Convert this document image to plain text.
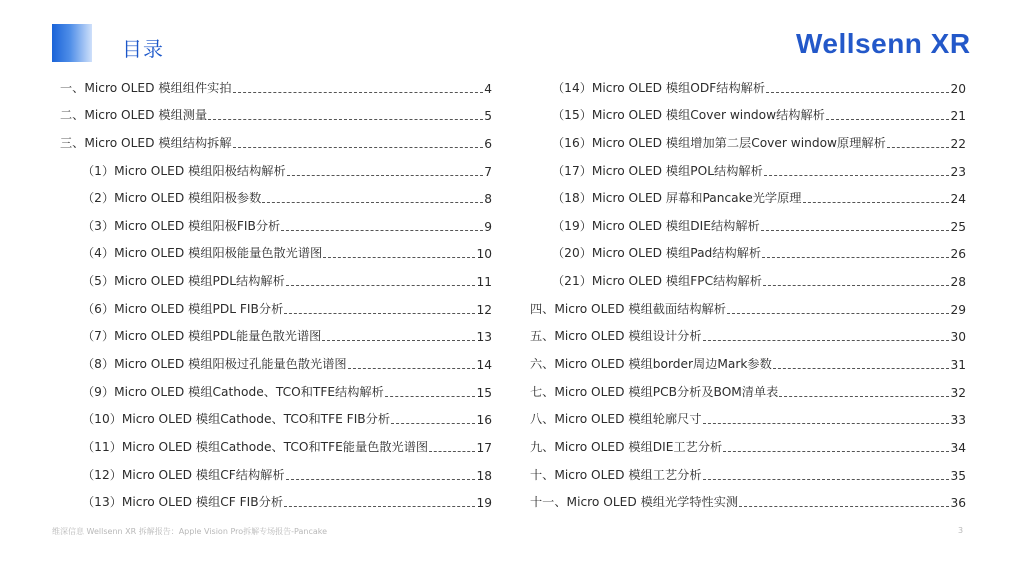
目录	Wellsenn XR
一、Micro OLED 模组组件实拍	4
二、Micro OLED 模组测量	5
三、Micro OLED 模组结构拆解	6
（1）Micro OLED 模组阳极结构解析	7
（2）Micro OLED 模组阳极参数	8
（3）Micro OLED 模组阳极FIB分析	9
（4）Micro OLED 模组阳极能量色散光谱图	10
（5）Micro OLED 模组PDL结构解析	11
（6）Micro OLED 模组PDL FIB分析	12
（7）Micro OLED 模组PDL能量色散光谱图	13
（8）Micro OLED 模组阳极过孔能量色散光谱图	14
（9）Micro OLED 模组Cathode、TCO和TFE结构解析	15
（10）Micro OLED 模组Cathode、TCO和TFE FIB分析	16
（11）Micro OLED 模组Cathode、TCO和TFE能量色散光谱图	17
（12）Micro OLED 模组CF结构解析	18
（13）Micro OLED 模组CF FIB分析	19
（14）Micro OLED 模组ODF结构解析	20
（15）Micro OLED 模组Cover window结构解析	21
（16）Micro OLED 模组增加第二层Cover window原理解析	22
（17）Micro OLED 模组POL结构解析	23
（18）Micro OLED 屏幕和Pancake光学原理	24
（19）Micro OLED 模组DIE结构解析	25
（20）Micro OLED 模组Pad结构解析	26
（21）Micro OLED 模组FPC结构解析	28
四、Micro OLED 模组截面结构解析	29
五、Micro OLED 模组设计分析	30
六、Micro OLED 模组border周边Mark参数	31
七、Micro OLED 模组PCB分析及BOM清单表	32
八、Micro OLED 模组轮廓尺寸	33
九、Micro OLED 模组DIE工艺分析	34
十、Micro OLED 模组工艺分析	35
十一、Micro OLED 模组光学特性实测	36
维深信息 Wellsenn XR 拆解报告：Apple Vision Pro拆解专场报告-Pancake	3
